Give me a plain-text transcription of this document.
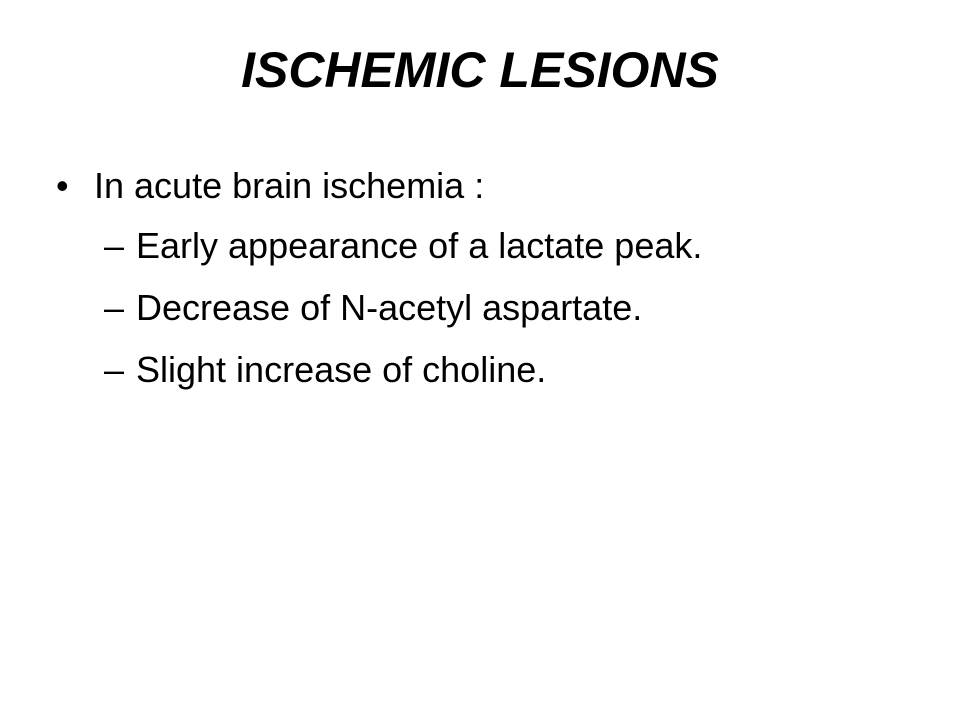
ISCHEMIC LESIONS
• In acute brain ischemia :
– Early appearance of a lactate peak.
– Decrease of N-acetyl aspartate.
– Slight increase of choline.
